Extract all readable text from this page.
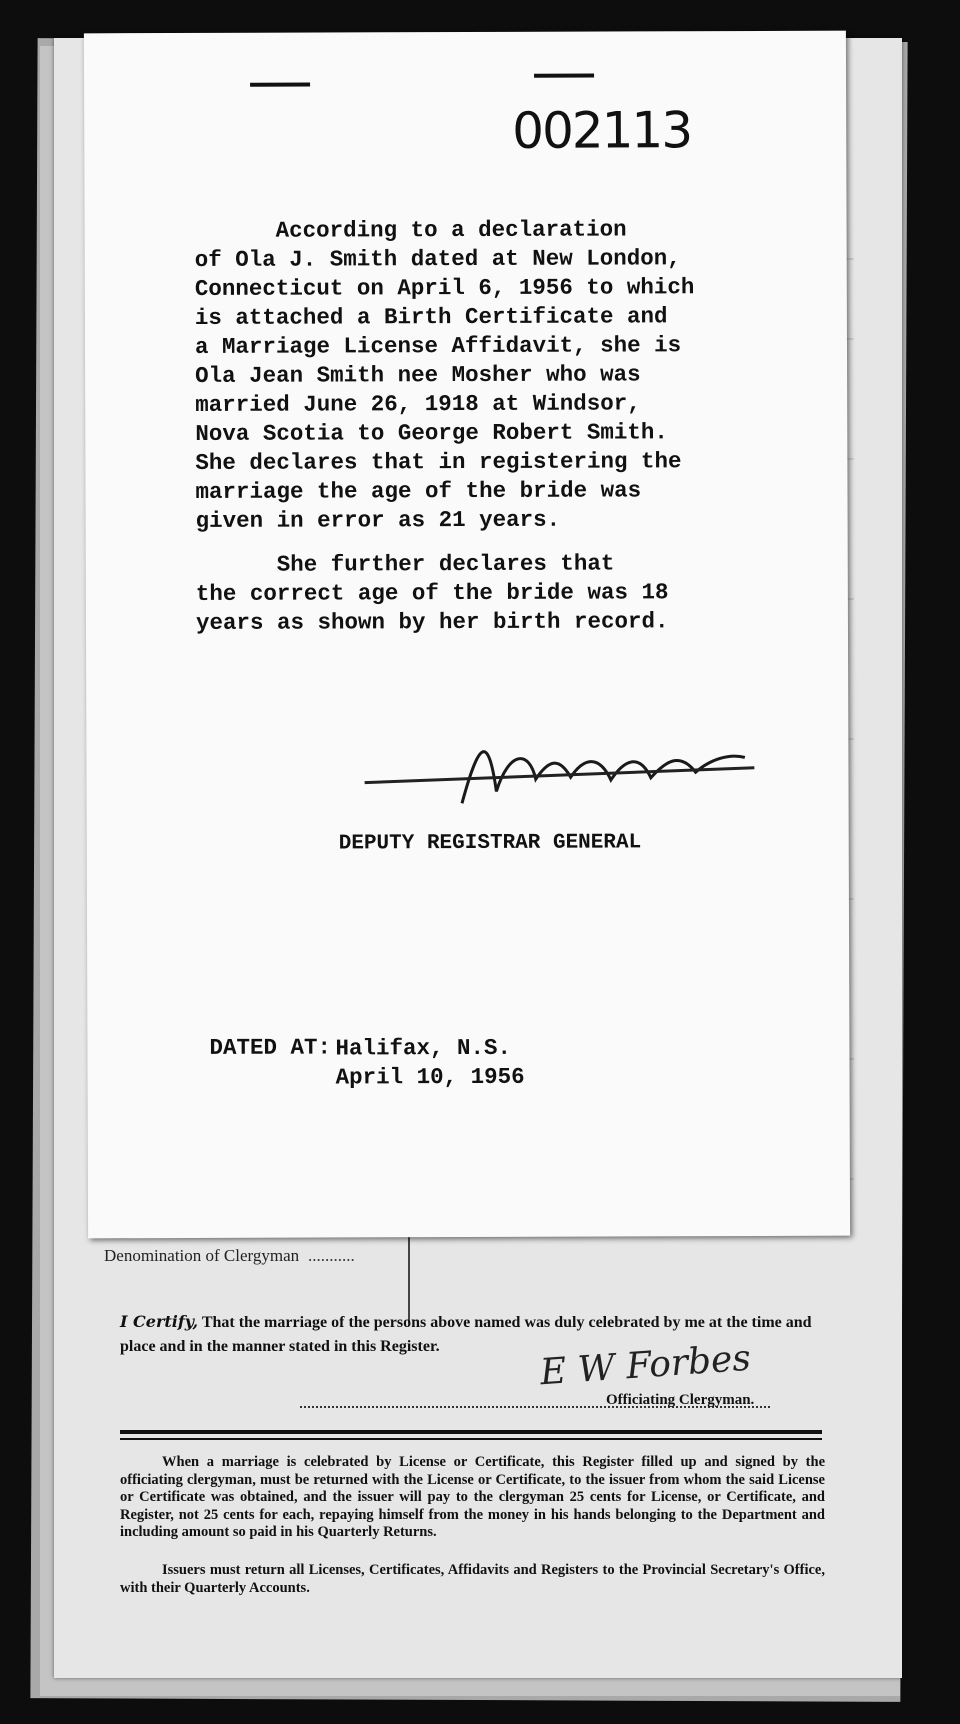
Denomination of Clergyman ...........
I Certify, That the marriage of the persons above named was duly celebrated by me at the time and place and in the manner stated in this Register.	E W Forbes
Officiating Clergyman.
When a marriage is celebrated by License or Certificate, this Register filled up and signed by the officiating clergyman, must be returned with the License or Certificate, to the issuer from whom the said License or Certificate was obtained, and the issuer will pay to the clergyman 25 cents for License, or Certificate, and Register, not 25 cents for each, repaying himself from the money in his hands belonging to the Department and including amount so paid in his Quarterly Returns.
Issuers must return all Licenses, Certificates, Affidavits and Registers to the Provincial Secretary's Office, with their Quarterly Accounts.
002113
According to a declaration
of Ola J. Smith dated at New London,
Connecticut on April 6, 1956 to which
is attached a Birth Certificate and
a Marriage License Affidavit, she is
Ola Jean Smith nee Mosher who was
married June 26, 1918 at Windsor,
Nova Scotia to George Robert Smith.
She declares that in registering the
marriage the age of the bride was
given in error as 21 years.
She further declares that
the correct age of the bride was 18
years as shown by her birth record.
DEPUTY REGISTRAR GENERAL
DATED AT: Halifax, N.S.
April 10, 1956
